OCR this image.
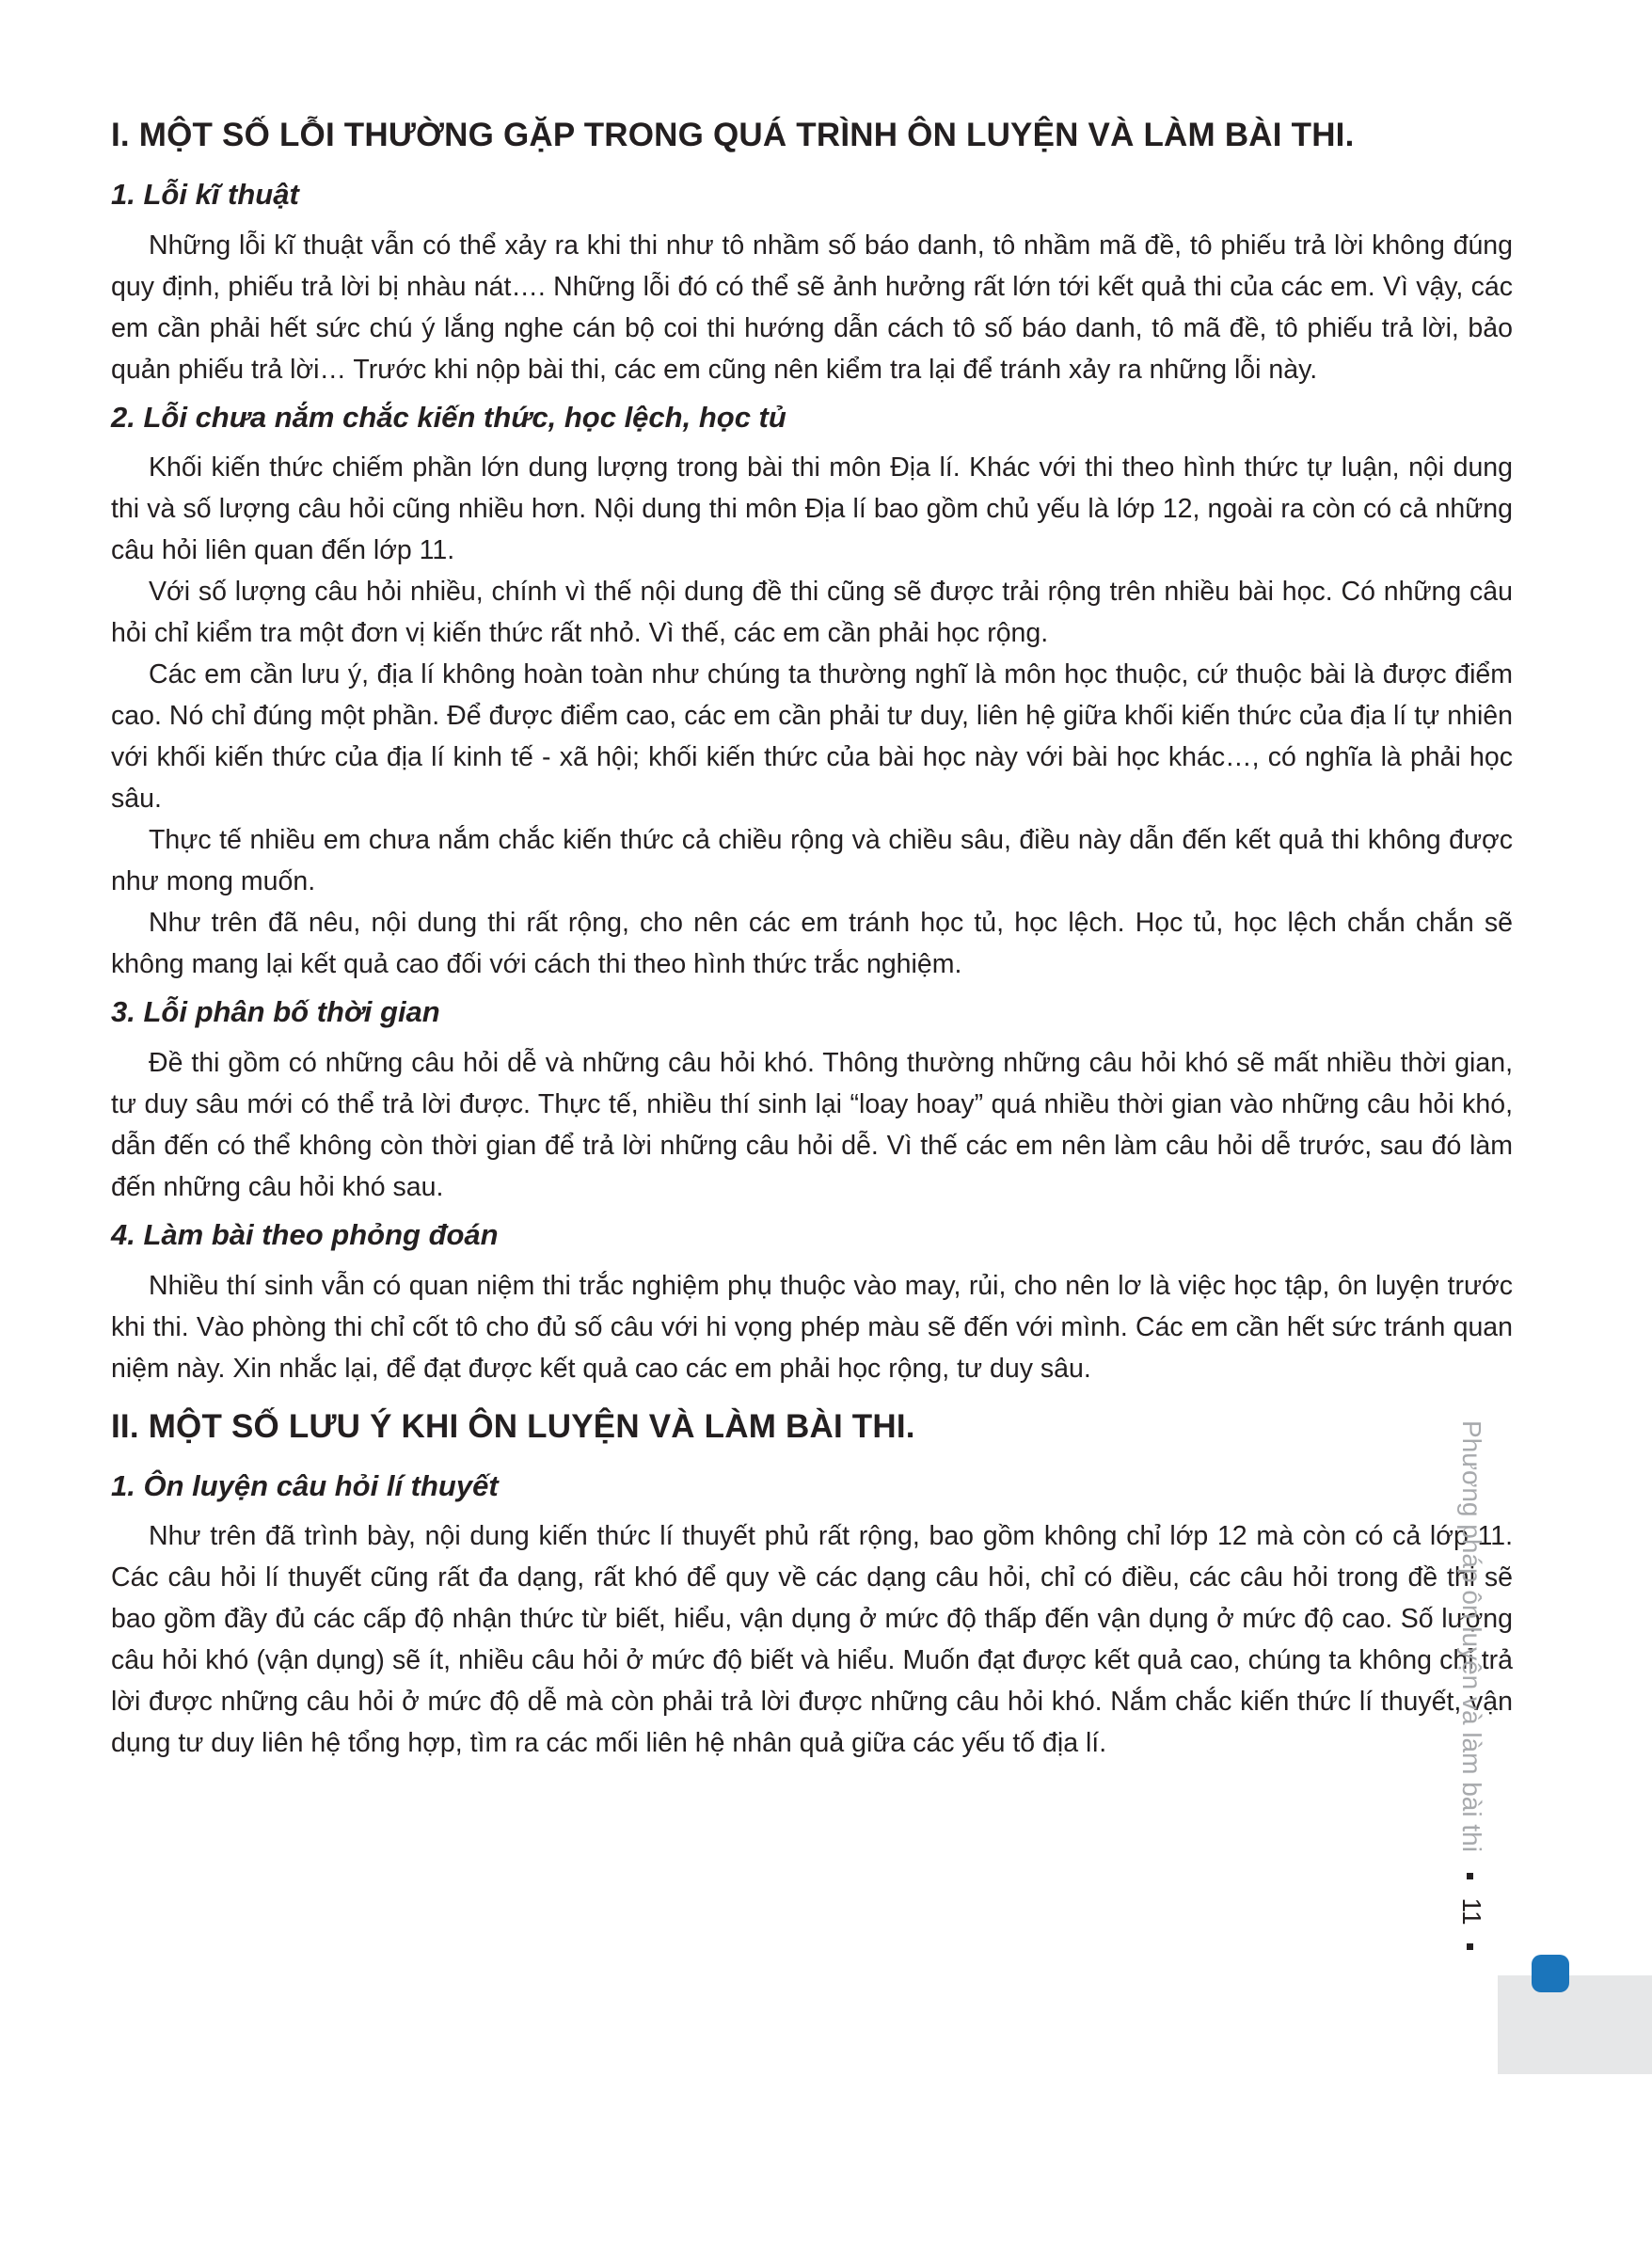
I. MỘT SỐ LỖI THƯỜNG GẶP TRONG QUÁ TRÌNH ÔN LUYỆN VÀ LÀM BÀI THI.
1. Lỗi kĩ thuật

Những lỗi kĩ thuật vẫn có thể xảy ra khi thi như tô nhầm số báo danh, tô nhầm mã đề, tô phiếu trả lời không đúng quy định, phiếu trả lời bị nhàu nát…. Những lỗi đó có thể sẽ ảnh hưởng rất lớn tới kết quả thi của các em. Vì vậy, các em cần phải hết sức chú ý lắng nghe cán bộ coi thi hướng dẫn cách tô số báo danh, tô mã đề, tô phiếu trả lời, bảo quản phiếu trả lời… Trước khi nộp bài thi, các em cũng nên kiểm tra lại để tránh xảy ra những lỗi này.

2. Lỗi chưa nắm chắc kiến thức, học lệch, học tủ

Khối kiến thức chiếm phần lớn dung lượng trong bài thi môn Địa lí. Khác với thi theo hình thức tự luận, nội dung thi và số lượng câu hỏi cũng nhiều hơn. Nội dung thi môn Địa lí bao gồm chủ yếu là lớp 12, ngoài ra còn có cả những câu hỏi liên quan đến lớp 11.

Với số lượng câu hỏi nhiều, chính vì thế nội dung đề thi cũng sẽ được trải rộng trên nhiều bài học. Có những câu hỏi chỉ kiểm tra một đơn vị kiến thức rất nhỏ. Vì thế, các em cần phải học rộng.

Các em cần lưu ý, địa lí không hoàn toàn như chúng ta thường nghĩ là môn học thuộc, cứ thuộc bài là được điểm cao. Nó chỉ đúng một phần. Để được điểm cao, các em cần phải tư duy, liên hệ giữa khối kiến thức của địa lí tự nhiên với khối kiến thức của địa lí kinh tế - xã hội; khối kiến thức của bài học này với bài học khác…, có nghĩa là phải học sâu.

Thực tế nhiều em chưa nắm chắc kiến thức cả chiều rộng và chiều sâu, điều này dẫn đến kết quả thi không được như mong muốn.

Như trên đã nêu, nội dung thi rất rộng, cho nên các em tránh học tủ, học lệch. Học tủ, học lệch chắn chắn sẽ không mang lại kết quả cao đối với cách thi theo hình thức trắc nghiệm.

3. Lỗi phân bố thời gian

Đề thi gồm có những câu hỏi dễ và những câu hỏi khó. Thông thường những câu hỏi khó sẽ mất nhiều thời gian, tư duy sâu mới có thể trả lời được. Thực tế, nhiều thí sinh lại “loay hoay” quá nhiều thời gian vào những câu hỏi khó, dẫn đến có thể không còn thời gian để trả lời những câu hỏi dễ. Vì thế các em nên làm câu hỏi dễ trước, sau đó làm đến những câu hỏi khó sau.

4. Làm bài theo phỏng đoán

Nhiều thí sinh vẫn có quan niệm thi trắc nghiệm phụ thuộc vào may, rủi, cho nên lơ là việc học tập, ôn luyện trước khi thi. Vào phòng thi chỉ cốt tô cho đủ số câu với hi vọng phép màu sẽ đến với mình. Các em cần hết sức tránh quan niệm này. Xin nhắc lại, để đạt được kết quả cao các em phải học rộng, tư duy sâu.

II. MỘT SỐ LƯU Ý KHI ÔN LUYỆN VÀ LÀM BÀI THI.
1. Ôn luyện câu hỏi lí thuyết

Như trên đã trình bày, nội dung kiến thức lí thuyết phủ rất rộng, bao gồm không chỉ lớp 12 mà còn có cả lớp 11. Các câu hỏi lí thuyết cũng rất đa dạng, rất khó để quy về các dạng câu hỏi, chỉ có điều, các câu hỏi trong đề thi sẽ bao gồm đầy đủ các cấp độ nhận thức từ biết, hiểu, vận dụng ở mức độ thấp đến vận dụng ở mức độ cao. Số lượng câu hỏi khó (vận dụng) sẽ ít, nhiều câu hỏi ở mức độ biết và hiểu. Muốn đạt được kết quả cao, chúng ta không chỉ trả lời được những câu hỏi ở mức độ dễ mà còn phải trả lời được những câu hỏi khó. Nắm chắc kiến thức lí thuyết, vận dụng tư duy liên hệ tổng hợp, tìm ra các mối liên hệ nhân quả giữa các yếu tố địa lí.	Phương pháp ôn luyện và làm bài thi  11
